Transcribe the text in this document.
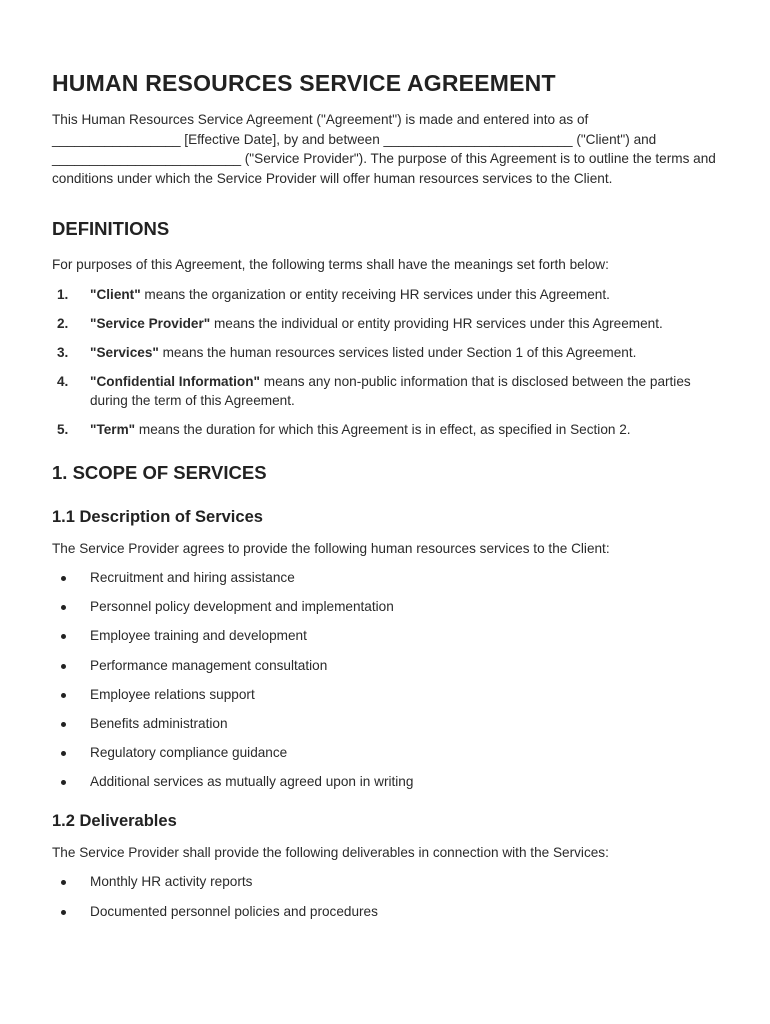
HUMAN RESOURCES SERVICE AGREEMENT

This Human Resources Service Agreement ("Agreement") is made and entered into as of _________________ [Effective Date], by and between _________________________ ("Client") and _________________________ ("Service Provider"). The purpose of this Agreement is to outline the terms and conditions under which the Service Provider will offer human resources services to the Client.

DEFINITIONS

For purposes of this Agreement, the following terms shall have the meanings set forth below:

1. "Client" means the organization or entity receiving HR services under this Agreement.
2. "Service Provider" means the individual or entity providing HR services under this Agreement.
3. "Services" means the human resources services listed under Section 1 of this Agreement.
4. "Confidential Information" means any non-public information that is disclosed between the parties during the term of this Agreement.
5. "Term" means the duration for which this Agreement is in effect, as specified in Section 2.
1. SCOPE OF SERVICES
1.1 Description of Services

The Service Provider agrees to provide the following human resources services to the Client:

Recruitment and hiring assistance
Personnel policy development and implementation
Employee training and development
Performance management consultation
Employee relations support
Benefits administration
Regulatory compliance guidance
Additional services as mutually agreed upon in writing
1.2 Deliverables

The Service Provider shall provide the following deliverables in connection with the Services:

Monthly HR activity reports
Documented personnel policies and procedures
